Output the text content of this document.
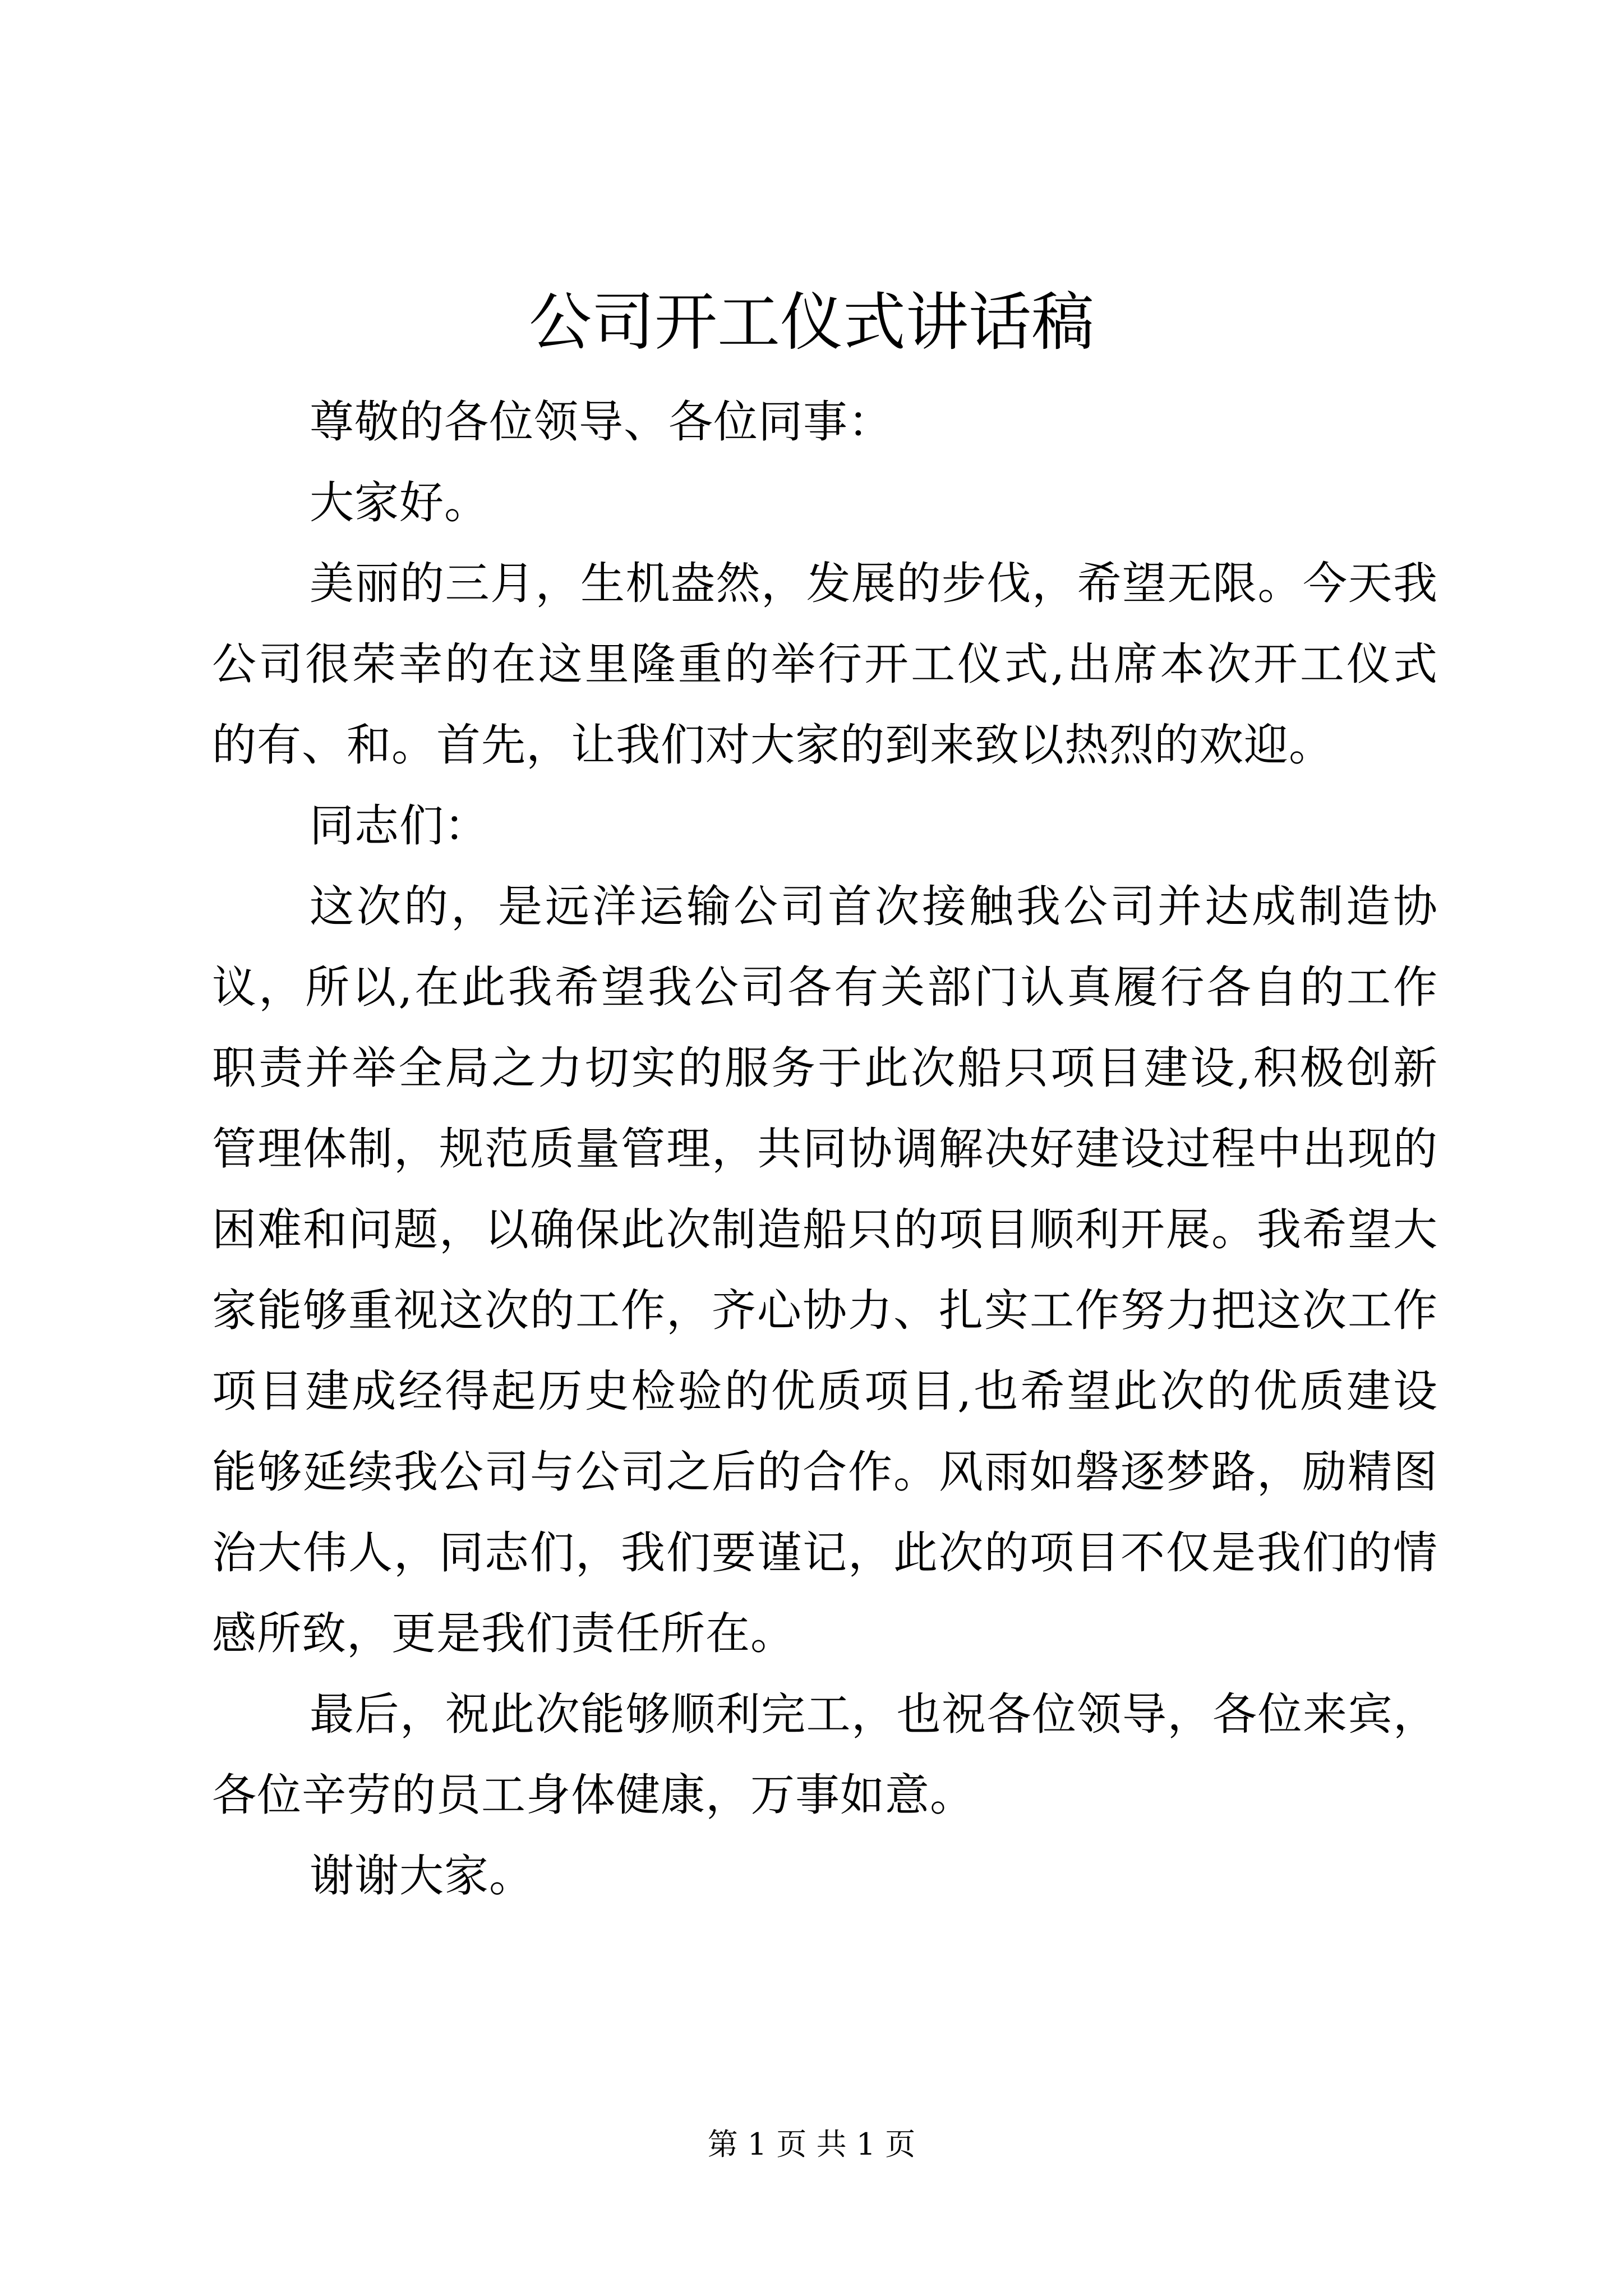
公司开工仪式讲话稿

尊敬的各位领导、各位同事：

大家好。

美丽的三月，生机盎然，发展的步伐，希望无限。今天我公司很荣幸的在这里隆重的举行开工仪式,出席本次开工仪式的有、和。首先，让我们对大家的到来致以热烈的欢迎。

同志们：

这次的，是远洋运输公司首次接触我公司并达成制造协议，所以,在此我希望我公司各有关部门认真履行各自的工作职责并举全局之力切实的服务于此次船只项目建设,积极创新管理体制，规范质量管理，共同协调解决好建设过程中出现的困难和问题，以确保此次制造船只的项目顺利开展。我希望大家能够重视这次的工作，齐心协力、扎实工作努力把这次工作项目建成经得起历史检验的优质项目,也希望此次的优质建设能够延续我公司与公司之后的合作。风雨如磐逐梦路，励精图治大伟人，同志们，我们要谨记，此次的项目不仅是我们的情感所致，更是我们责任所在。

最后，祝此次能够顺利完工，也祝各位领导，各位来宾，各位辛劳的员工身体健康，万事如意。

谢谢大家。

第 1 页 共 1 页
